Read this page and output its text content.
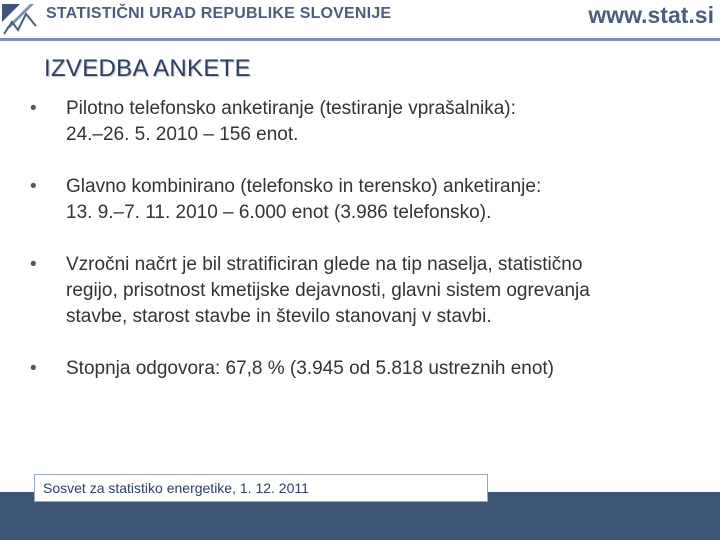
STATISTIČNI URAD REPUBLIKE SLOVENIJE	www.stat.si
IZVEDBA ANKETE
•	Pilotno telefonsko anketiranje (testiranje vprašalnika):
24.–26. 5. 2010 – 156 enot.
•	Glavno kombinirano (telefonsko in terensko) anketiranje:
13. 9.–7. 11. 2010 – 6.000 enot (3.986 telefonsko).
•	Vzročni načrt je bil stratificiran glede na tip naselja, statistično
regijo, prisotnost kmetijske dejavnosti, glavni sistem ogrevanja
stavbe, starost stavbe in število stanovanj v stavbi.
•	Stopnja odgovora: 67,8 % (3.945 od 5.818 ustreznih enot)
Sosvet za statistiko energetike, 1. 12. 2011
